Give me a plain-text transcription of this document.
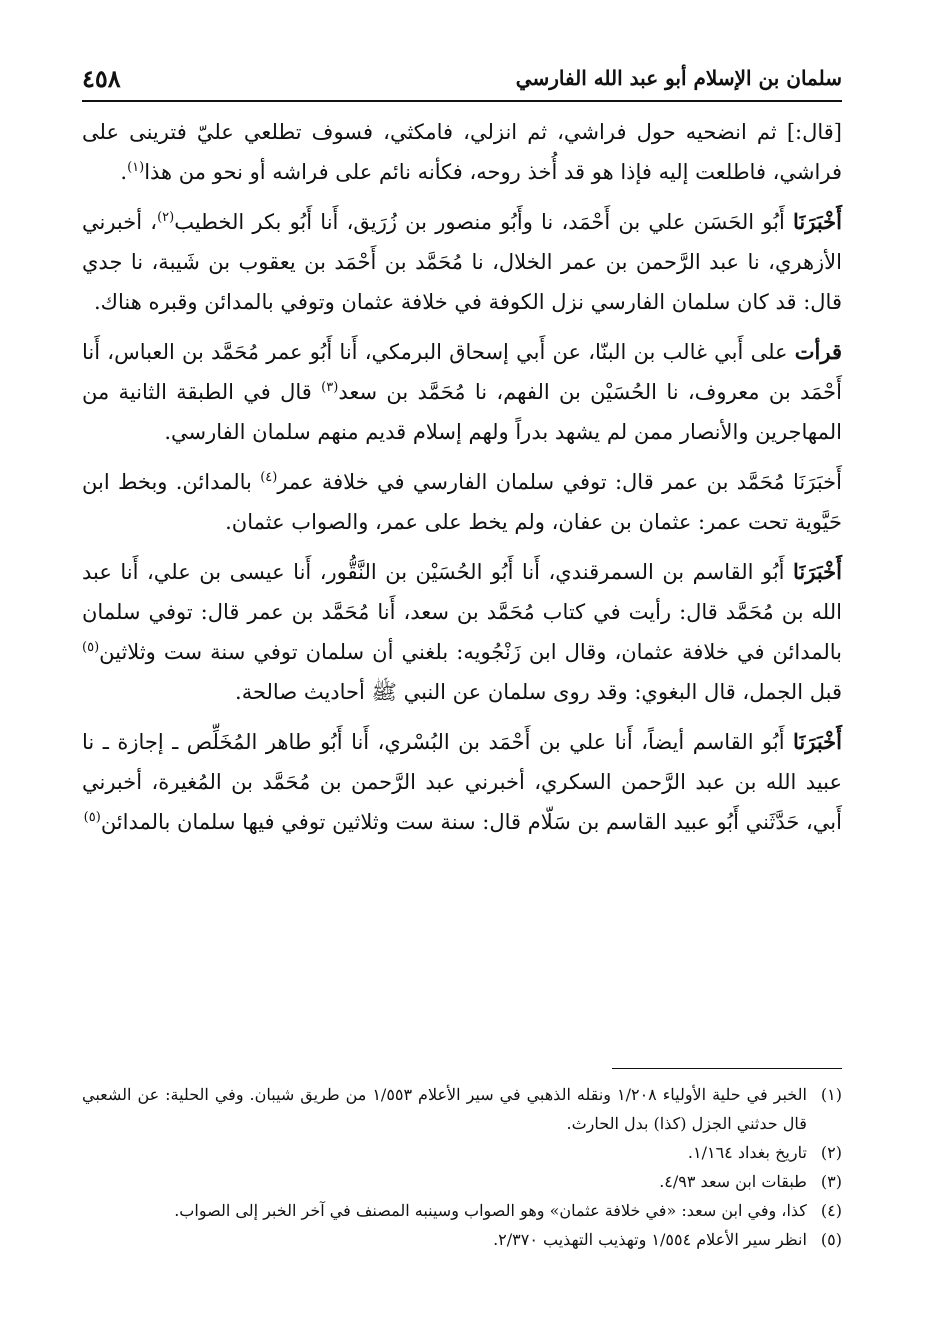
سلمان بن الإسلام أبو عبد الله الفارسي
٤٥٨

[قال:] ثم انضحيه حول فراشي، ثم انزلي، فامكثي، فسوف تطلعي عليّ فترينى على فراشي، فاطلعت إليه فإذا هو قد أُخذ روحه، فكأنه نائم على فراشه أو نحو من هذا$^{(١)}$.

أَخْبَرَنَا أَبُو الحَسَن علي بن أَحْمَد، نا وأَبُو منصور بن زُرَيق، أَنا أَبُو بكر الخطيب$^{(٢)}$، أخبرني الأزهري، نا عبد الرَّحمن بن عمر الخلال، نا مُحَمَّد بن أَحْمَد بن يعقوب بن شَيبة، نا جدي قال: قد كان سلمان الفارسي نزل الكوفة في خلافة عثمان وتوفي بالمدائن وقبره هناك.

قرأت على أَبي غالب بن البنّا، عن أَبي إسحاق البرمكي، أَنا أَبُو عمر مُحَمَّد بن العباس، أَنا أَحْمَد بن معروف، نا الحُسَيْن بن الفهم، نا مُحَمَّد بن سعد$^{(٣)}$ قال في الطبقة الثانية من المهاجرين والأنصار ممن لم يشهد بدراً ولهم إسلام قديم منهم سلمان الفارسي.

أَخبَرَنَا مُحَمَّد بن عمر قال: توفي سلمان الفارسي في خلافة عمر$^{(٤)}$ بالمدائن. وبخط ابن حَيَّوية تحت عمر: عثمان بن عفان، ولم يخط على عمر، والصواب عثمان.

أَخْبَرَنَا أَبُو القاسم بن السمرقندي، أَنا أَبُو الحُسَيْن بن النَّقُّور، أَنا عيسى بن علي، أَنا عبد الله بن مُحَمَّد قال: رأيت في كتاب مُحَمَّد بن سعد، أَنا مُحَمَّد بن عمر قال: توفي سلمان بالمدائن في خلافة عثمان، وقال ابن زَنْجُويه: بلغني أن سلمان توفي سنة ست وثلاثين$^{(٥)}$ قبل الجمل، قال البغوي: وقد روى سلمان عن النبي ﷺ أحاديث صالحة.

أَخْبَرَنَا أَبُو القاسم أيضاً، أَنا علي بن أَحْمَد بن البُسْري، أَنا أَبُو طاهر المُخَلِّص ـ إجازة ـ نا عبيد الله بن عبد الرَّحمن السكري، أخبرني عبد الرَّحمن بن مُحَمَّد بن المُغيرة، أخبرني أَبي، حَدَّثَني أَبُو عبيد القاسم بن سَلّام قال: سنة ست وثلاثين توفي فيها سلمان بالمدائن$^{(٥)}$

(١)
الخبر في حلية الأولياء ١/٢٠٨ ونقله الذهبي في سير الأعلام ١/٥٥٣ من طريق شيبان. وفي الحلية: عن الشعبي قال حدثني الجزل (كذا) بدل الحارث.
(٢)
تاريخ بغداد ١/١٦٤.
(٣)
طبقات ابن سعد ٤/٩٣.
(٤)
كذا، وفي ابن سعد: «في خلافة عثمان» وهو الصواب وسينبه المصنف في آخر الخبر إلى الصواب.
(٥)
انظر سير الأعلام ١/٥٥٤ وتهذيب التهذيب ٢/٣٧٠.
